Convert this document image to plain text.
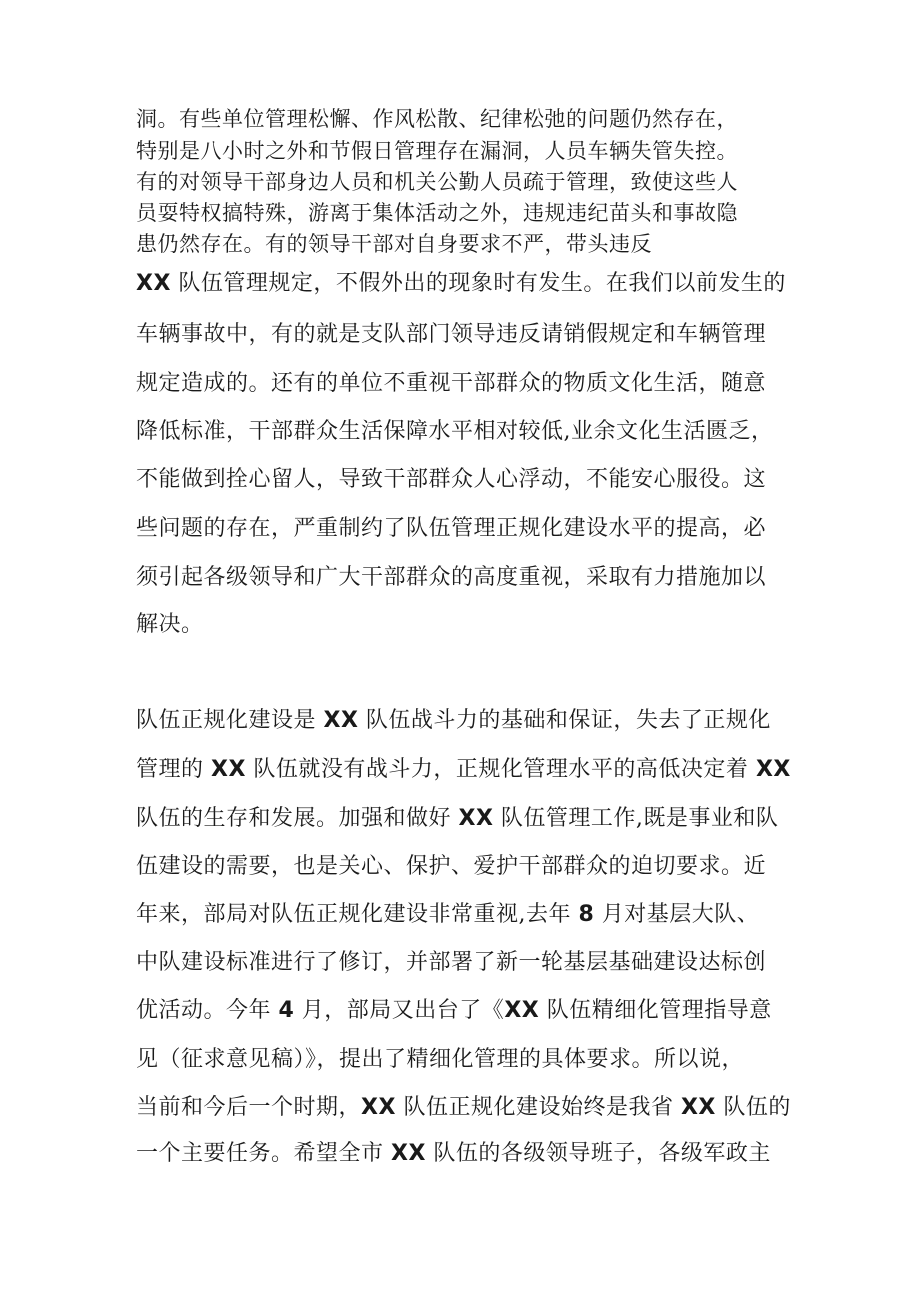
洞。有些单位管理松懈、作风松散、纪律松弛的问题仍然存在，

特别是八小时之外和节假日管理存在漏洞，人员车辆失管失控。

有的对领导干部身边人员和机关公勤人员疏于管理，致使这些人

员耍特权搞特殊，游离于集体活动之外，违规违纪苗头和事故隐

患仍然存在。有的领导干部对自身要求不严，带头违反

XX 队伍管理规定，不假外出的现象时有发生。在我们以前发生的

车辆事故中，有的就是支队部门领导违反请销假规定和车辆管理

规定造成的。还有的单位不重视干部群众的物质文化生活，随意

降低标准，干部群众生活保障水平相对较低,业余文化生活匮乏，

不能做到拴心留人，导致干部群众人心浮动，不能安心服役。这

些问题的存在，严重制约了队伍管理正规化建设水平的提高，必

须引起各级领导和广大干部群众的高度重视，采取有力措施加以

解决。

队伍正规化建设是 XX 队伍战斗力的基础和保证，失去了正规化

管理的 XX 队伍就没有战斗力，正规化管理水平的高低决定着 XX

队伍的生存和发展。加强和做好 XX 队伍管理工作,既是事业和队

伍建设的需要，也是关心、保护、爱护干部群众的迫切要求。近

年来，部局对队伍正规化建设非常重视,去年 8 月对基层大队、

中队建设标准进行了修订，并部署了新一轮基层基础建设达标创

优活动。今年 4 月，部局又出台了《XX 队伍精细化管理指导意

见（征求意见稿）》，提出了精细化管理的具体要求。所以说，

当前和今后一个时期，XX 队伍正规化建设始终是我省 XX 队伍的

一个主要任务。希望全市 XX 队伍的各级领导班子，各级军政主
